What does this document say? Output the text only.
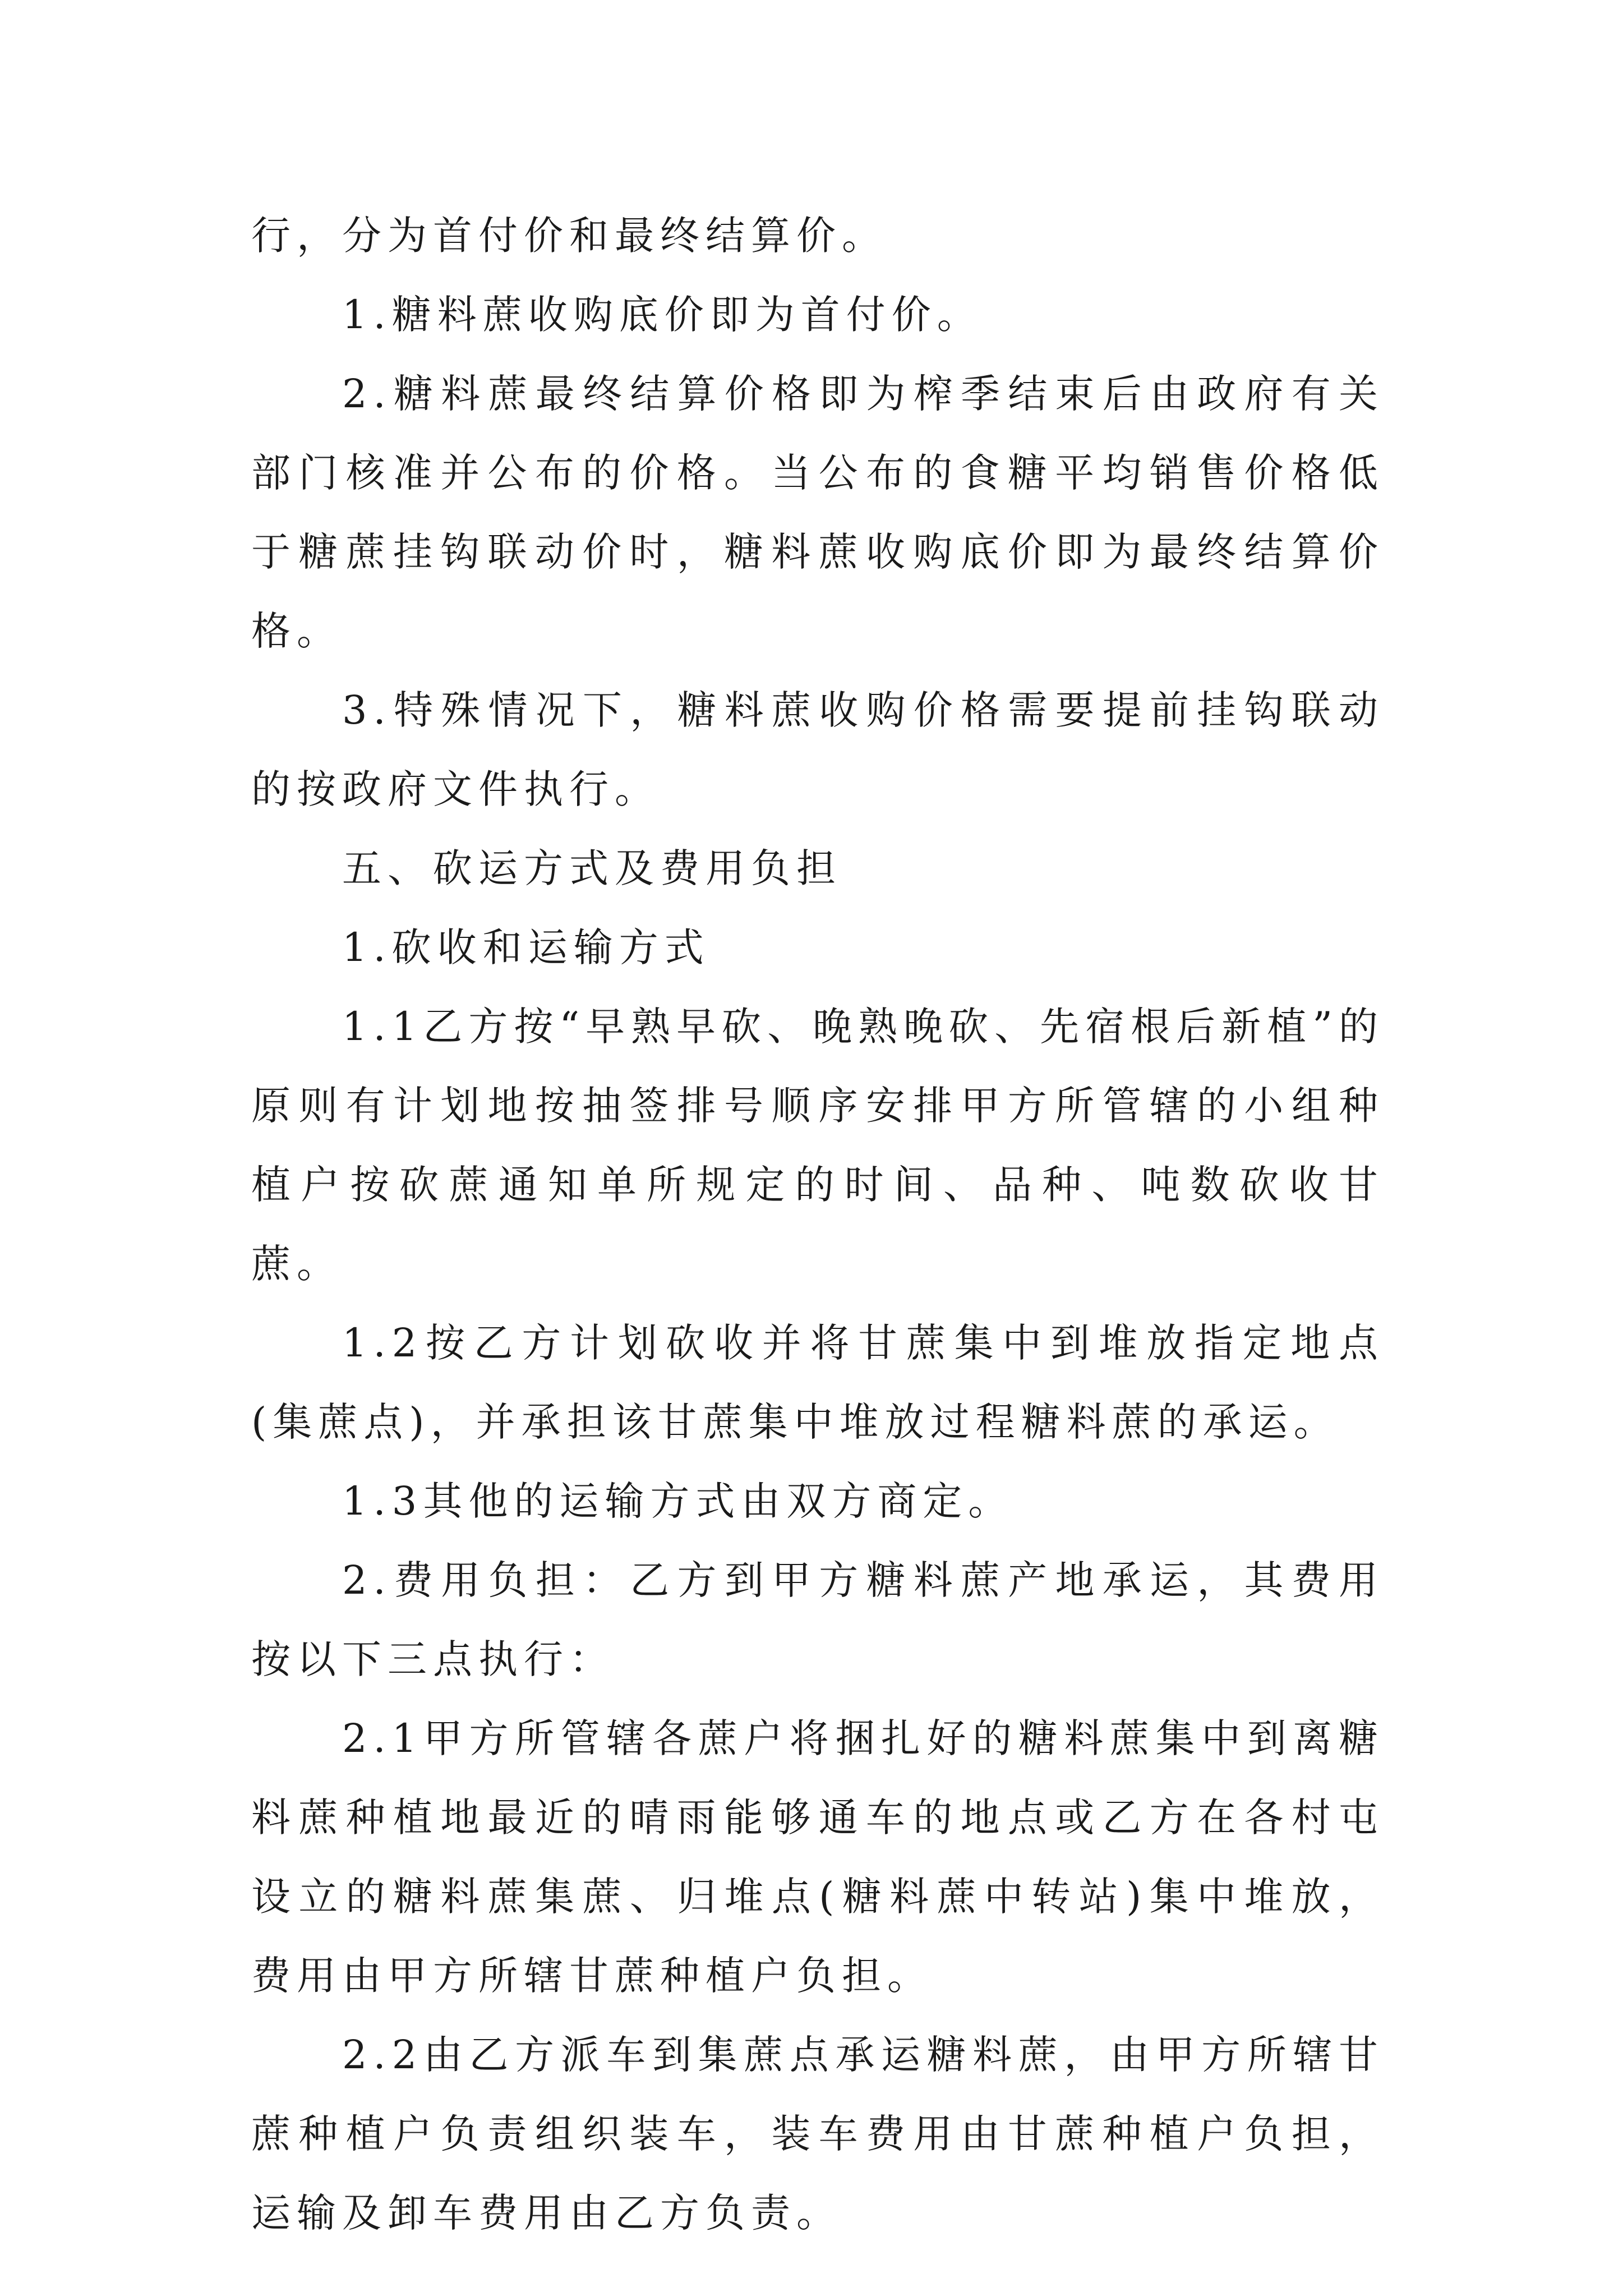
行，分为首付价和最终结算价。

1.糖料蔗收购底价即为首付价。

2.糖料蔗最终结算价格即为榨季结束后由政府有关部门核准并公布的价格。当公布的食糖平均销售价格低于糖蔗挂钩联动价时，糖料蔗收购底价即为最终结算价格。

3.特殊情况下，糖料蔗收购价格需要提前挂钩联动的按政府文件执行。

五、砍运方式及费用负担

1.砍收和运输方式

1.1乙方按“早熟早砍、晚熟晚砍、先宿根后新植”的原则有计划地按抽签排号顺序安排甲方所管辖的小组种植户按砍蔗通知单所规定的时间、品种、吨数砍收甘蔗。

1.2按乙方计划砍收并将甘蔗集中到堆放指定地点(集蔗点)，并承担该甘蔗集中堆放过程糖料蔗的承运。

1.3其他的运输方式由双方商定。

2.费用负担：乙方到甲方糖料蔗产地承运，其费用按以下三点执行：

2.1甲方所管辖各蔗户将捆扎好的糖料蔗集中到离糖料蔗种植地最近的晴雨能够通车的地点或乙方在各村屯设立的糖料蔗集蔗、归堆点(糖料蔗中转站)集中堆放，费用由甲方所辖甘蔗种植户负担。

2.2由乙方派车到集蔗点承运糖料蔗，由甲方所辖甘蔗种植户负责组织装车，装车费用由甘蔗种植户负担，运输及卸车费用由乙方负责。
